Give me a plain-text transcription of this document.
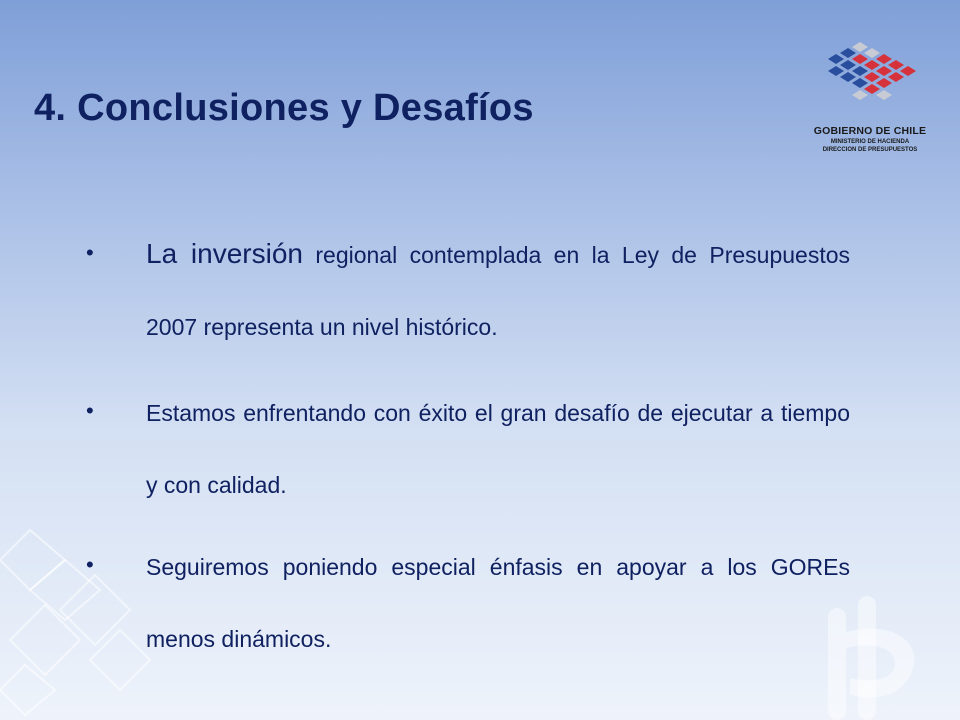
4. Conclusiones y Desafíos
GOBIERNO DE CHILE
MINISTERIO DE HACIENDA
DIRECCION DE PRESUPUESTOS
• La inversión regional contemplada en la Ley de Presupuestos 2007 representa un nivel histórico.
• Estamos enfrentando con éxito el gran desafío de ejecutar a tiempo y con calidad.
• Seguiremos poniendo especial énfasis en apoyar a los GOREs menos dinámicos.
